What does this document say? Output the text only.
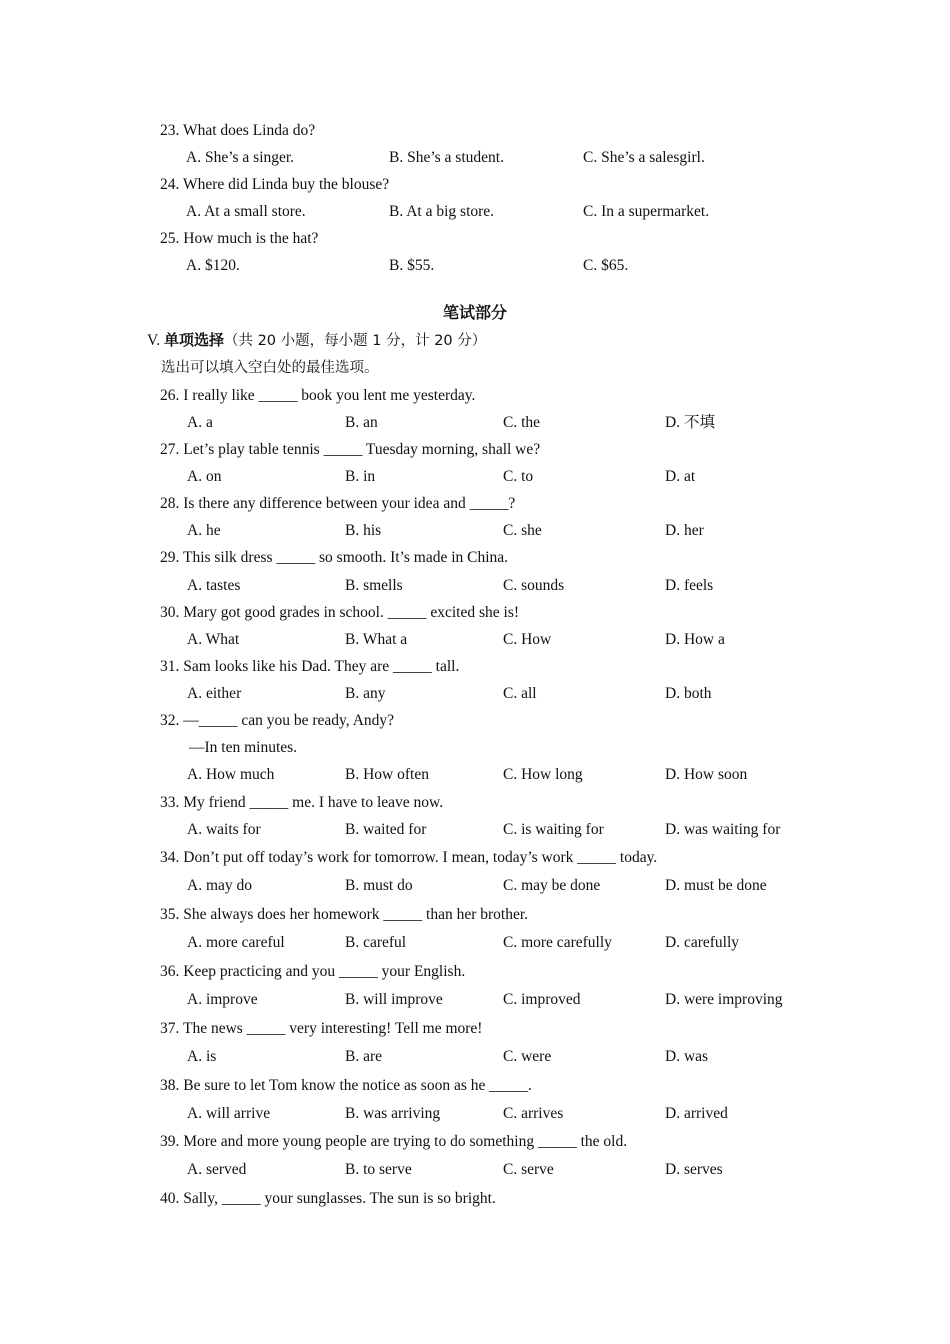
23. What does Linda do?
A. She’s a singer.	B. She’s a student.	C. She’s a salesgirl.
24. Where did Linda buy the blouse?
A. At a small store.	B. At a big store.	C. In a supermarket.
25. How much is the hat?
A. $120.	B. $55.	C. $65.
笔试部分
V. 单项选择（共 20 小题，每小题 1 分，计 20 分）
选出可以填入空白处的最佳选项。
26. I really like _____ book you lent me yesterday.
A. a	B. an	C. the	D. 不填
27. Let’s play table tennis _____ Tuesday morning, shall we?
A. on	B. in	C. to	D. at
28. Is there any difference between your idea and _____?
A. he	B. his	C. she	D. her
29. This silk dress _____ so smooth. It’s made in China.
A. tastes	B. smells	C. sounds	D. feels
30. Mary got good grades in school. _____ excited she is!
A. What	B. What a	C. How	D. How a
31. Sam looks like his Dad. They are _____ tall.
A. either	B. any	C. all	D. both
32. —_____ can you be ready, Andy?
—In ten minutes.
A. How much	B. How often	C. How long	D. How soon
33. My friend _____ me. I have to leave now.
A. waits for	B. waited for	C. is waiting for	D. was waiting for
34. Don’t put off today’s work for tomorrow. I mean, today’s work _____ today.
A. may do	B. must do	C. may be done	D. must be done
35. She always does her homework _____ than her brother.
A. more careful	B. careful	C. more carefully	D. carefully
36. Keep practicing and you _____ your English.
A. improve	B. will improve	C. improved	D. were improving
37. The news _____ very interesting! Tell me more!
A. is	B. are	C. were	D. was
38. Be sure to let Tom know the notice as soon as he _____.
A. will arrive	B. was arriving	C. arrives	D. arrived
39. More and more young people are trying to do something _____ the old.
A. served	B. to serve	C. serve	D. serves
40. Sally, _____ your sunglasses. The sun is so bright.
